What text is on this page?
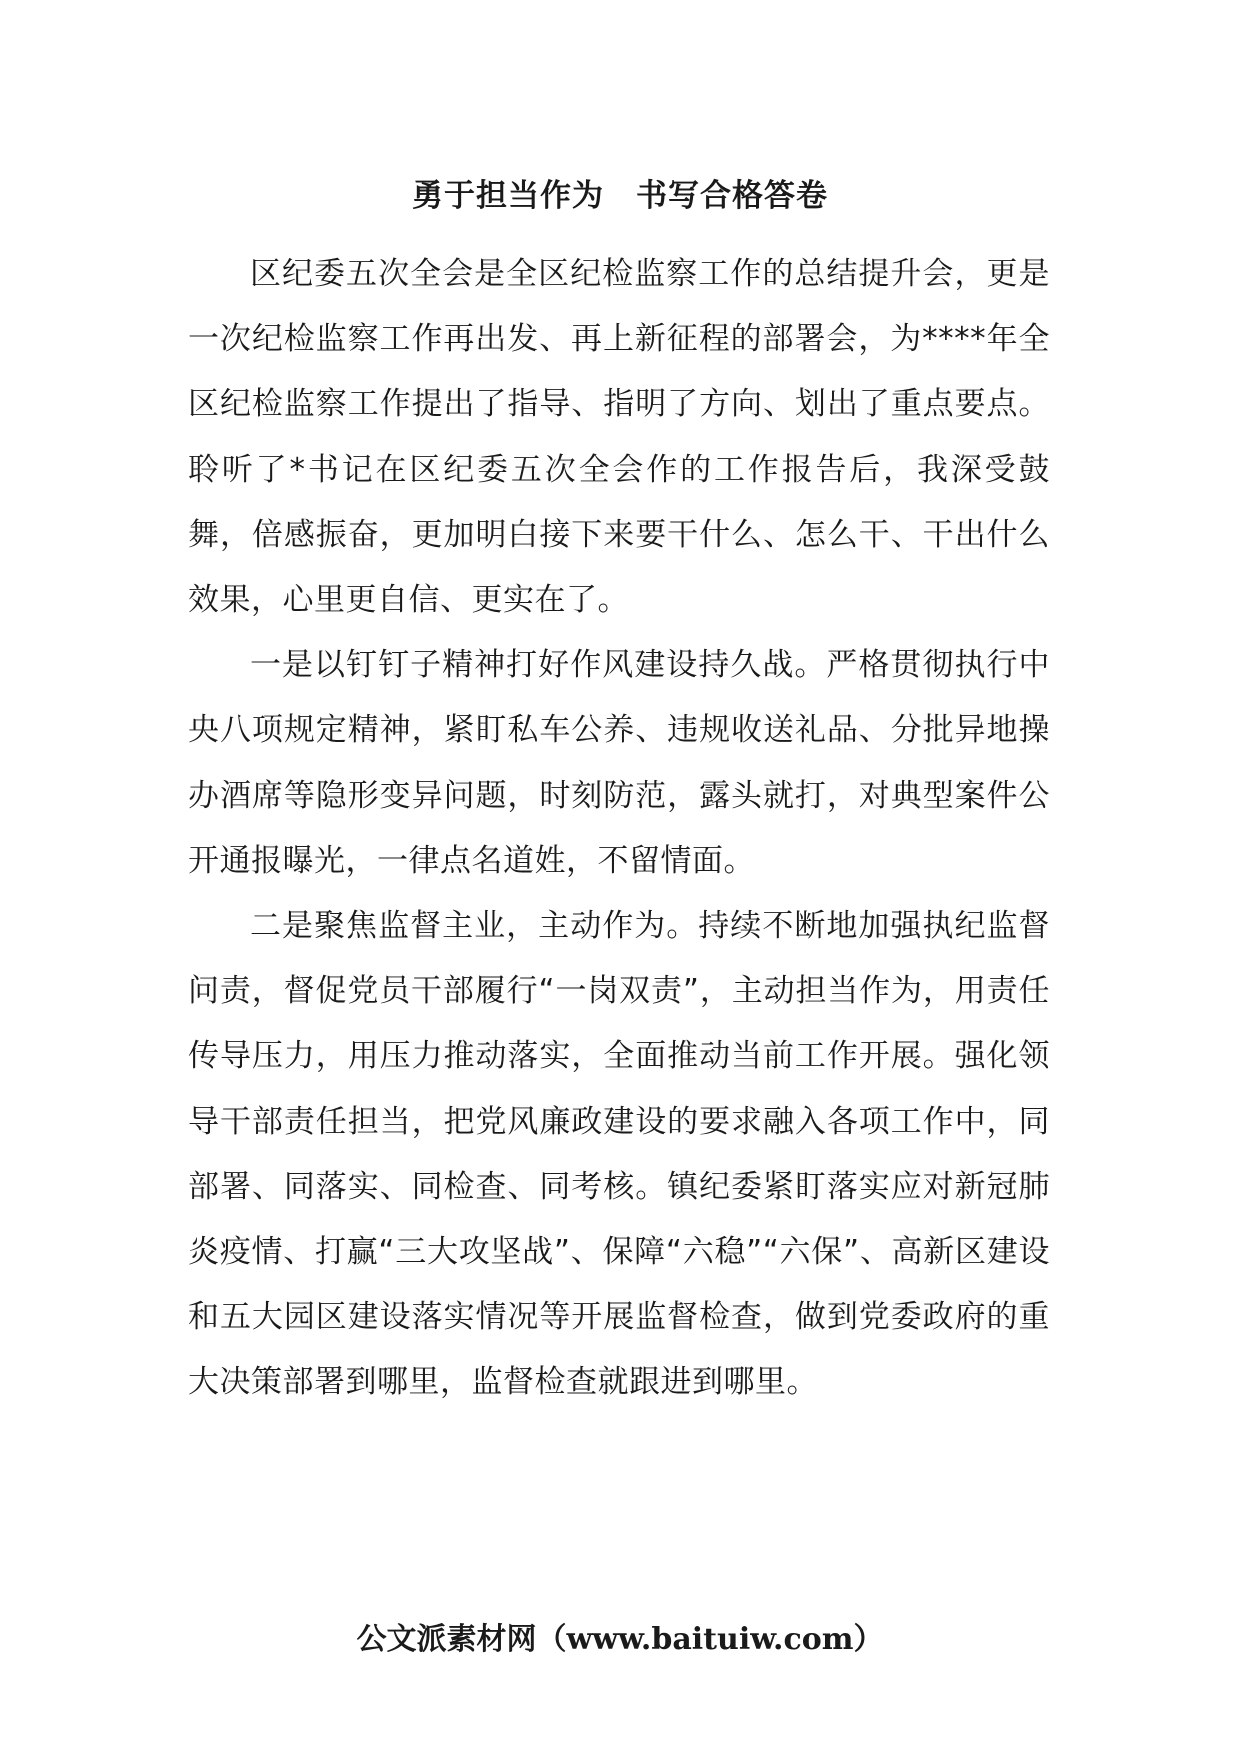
勇于担当作为　书写合格答卷

区纪委五次全会是全区纪检监察工作的总结提升会，更是一次纪检监察工作再出发、再上新征程的部署会，为****年全区纪检监察工作提出了指导、指明了方向、划出了重点要点。聆听了*书记在区纪委五次全会作的工作报告后，我深受鼓舞，倍感振奋，更加明白接下来要干什么、怎么干、干出什么效果，心里更自信、更实在了。

一是以钉钉子精神打好作风建设持久战。严格贯彻执行中央八项规定精神，紧盯私车公养、违规收送礼品、分批异地操办酒席等隐形变异问题，时刻防范，露头就打，对典型案件公开通报曝光，一律点名道姓，不留情面。

二是聚焦监督主业，主动作为。持续不断地加强执纪监督问责，督促党员干部履行“一岗双责”，主动担当作为，用责任传导压力，用压力推动落实，全面推动当前工作开展。强化领导干部责任担当，把党风廉政建设的要求融入各项工作中，同部署、同落实、同检查、同考核。镇纪委紧盯落实应对新冠肺炎疫情、打赢“三大攻坚战”、保障“六稳”“六保”、高新区建设和五大园区建设落实情况等开展监督检查，做到党委政府的重大决策部署到哪里，监督检查就跟进到哪里。

公文派素材网（www.baituiw.com）
